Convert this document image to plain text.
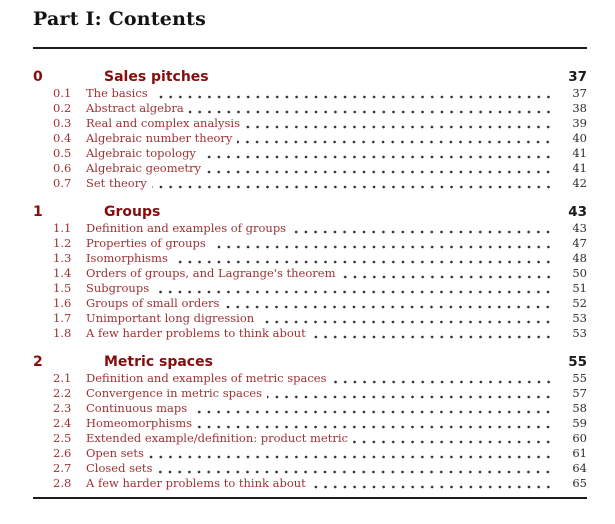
Part I: Contents
0	Sales pitches	37
0.1	The basics	37
0.2	Abstract algebra	38
0.3	Real and complex analysis	39
0.4	Algebraic number theory	40
0.5	Algebraic topology	41
0.6	Algebraic geometry	41
0.7	Set theory	42
1	Groups	43
1.1	Definition and examples of groups	43
1.2	Properties of groups	47
1.3	Isomorphisms	48
1.4	Orders of groups, and Lagrange's theorem	50
1.5	Subgroups	51
1.6	Groups of small orders	52
1.7	Unimportant long digression	53
1.8	A few harder problems to think about	53
2	Metric spaces	55
2.1	Definition and examples of metric spaces	55
2.2	Convergence in metric spaces	57
2.3	Continuous maps	58
2.4	Homeomorphisms	59
2.5	Extended example/definition: product metric	60
2.6	Open sets	61
2.7	Closed sets	64
2.8	A few harder problems to think about	65
